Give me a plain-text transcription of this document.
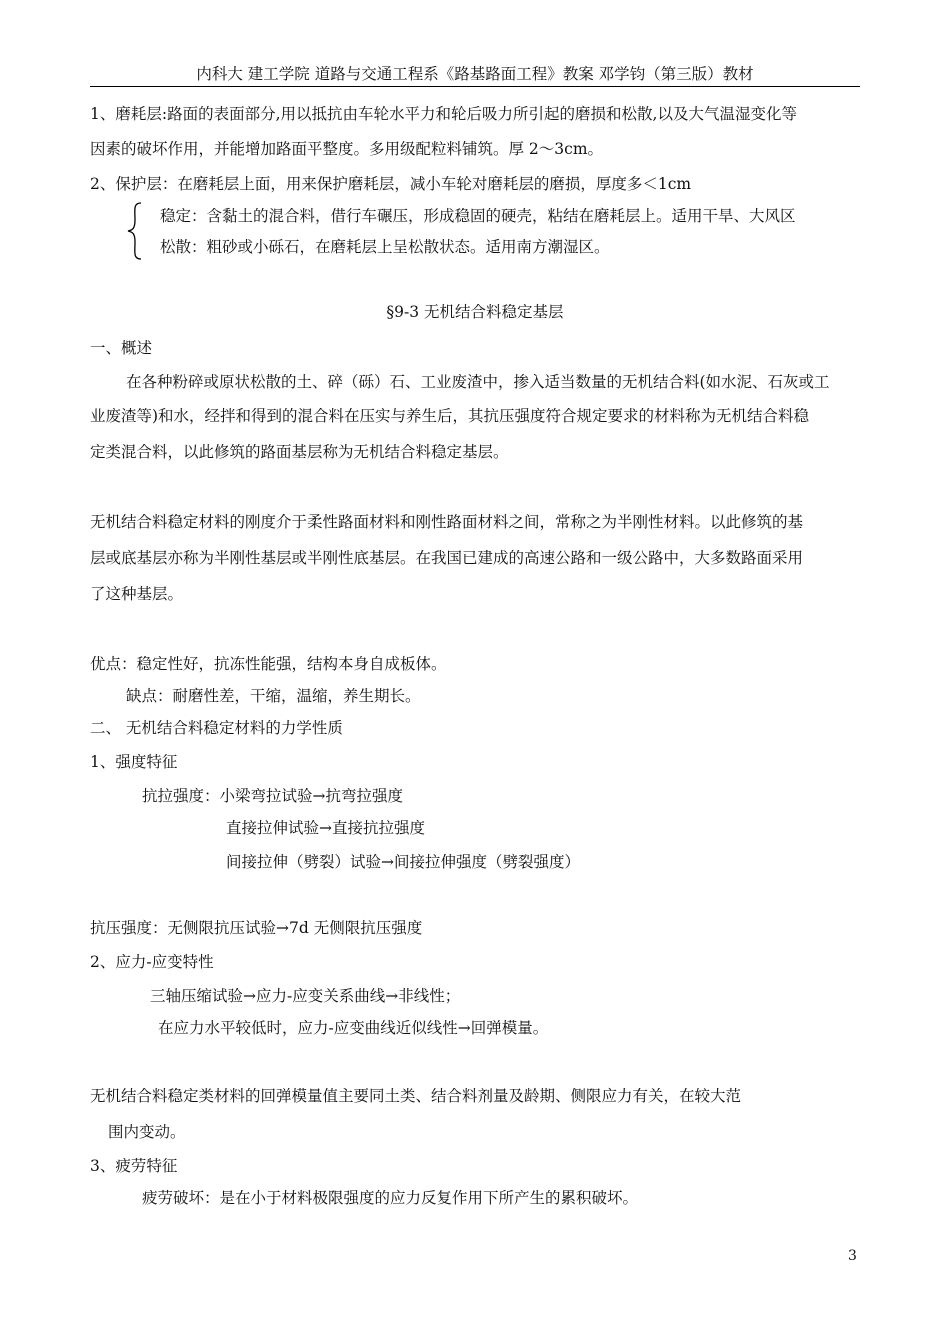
内科大 建工学院 道路与交通工程系《路基路面工程》教案 邓学钧（第三版）教材
1、磨耗层:路面的表面部分,用以抵抗由车轮水平力和轮后吸力所引起的磨损和松散,以及大气温湿变化等
因素的破坏作用，并能增加路面平整度。多用级配粒料铺筑。厚 2～3cm。
2、保护层：在磨耗层上面，用来保护磨耗层，减小车轮对磨耗层的磨损，厚度多＜1cm
稳定：含黏土的混合料，借行车碾压，形成稳固的硬壳，粘结在磨耗层上。适用干旱、大风区
松散：粗砂或小砾石，在磨耗层上呈松散状态。适用南方潮湿区。
§9-3 无机结合料稳定基层
一、概述
在各种粉碎或原状松散的土、碎（砾）石、工业废渣中，掺入适当数量的无机结合料(如水泥、石灰或工
业废渣等)和水，经拌和得到的混合料在压实与养生后，其抗压强度符合规定要求的材料称为无机结合料稳
定类混合料，以此修筑的路面基层称为无机结合料稳定基层。
无机结合料稳定材料的刚度介于柔性路面材料和刚性路面材料之间，常称之为半刚性材料。以此修筑的基
层或底基层亦称为半刚性基层或半刚性底基层。在我国已建成的高速公路和一级公路中，大多数路面采用
了这种基层。
优点：稳定性好，抗冻性能强，结构本身自成板体。
缺点：耐磨性差，干缩，温缩，养生期长。
二、 无机结合料稳定材料的力学性质
1、强度特征
抗拉强度：小梁弯拉试验→抗弯拉强度
直接拉伸试验→直接抗拉强度
间接拉伸（劈裂）试验→间接拉伸强度（劈裂强度）
抗压强度：无侧限抗压试验→7d 无侧限抗压强度
2、应力-应变特性
三轴压缩试验→应力-应变关系曲线→非线性；
在应力水平较低时，应力-应变曲线近似线性→回弹模量。
无机结合料稳定类材料的回弹模量值主要同土类、结合料剂量及龄期、侧限应力有关，在较大范
围内变动。
3、疲劳特征
疲劳破坏：是在小于材料极限强度的应力反复作用下所产生的累积破坏。
3
